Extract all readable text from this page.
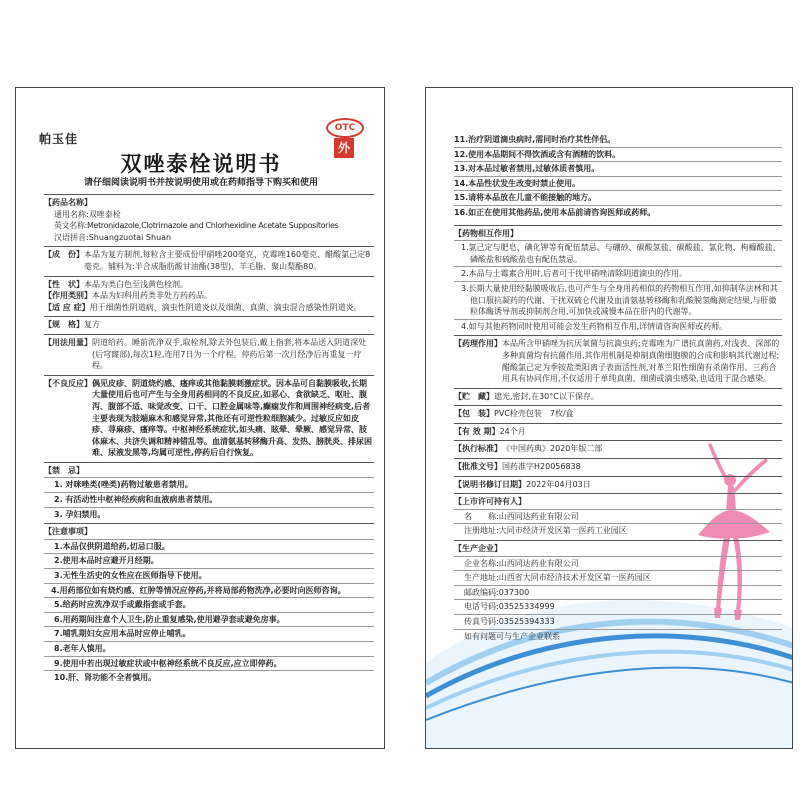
帕玉佳
OTC
外
双唑泰栓说明书
请仔细阅读说明书并按说明使用或在药师指导下购买和使用
【药品名称】
通用名称:双唑泰栓
英文名称:Metronidazole,Clotrimazole and Chlorhexidine Acetate Suppositories
汉语拼音:Shuangzuotai Shuan
【成　份】 本品为复方制剂,每粒含主要成份甲硝唑200毫克、克霉唑160毫克、醋酸氯己定8毫克。辅料为:半合成脂肪酸甘油酯(38型)、羊毛脂、聚山梨酯80。
【性　状】 本品为类白色至浅黄色栓剂。
【作用类别】 本品为妇科用药类非处方药药品。
【适 应 症】 用于细菌性阴道病、滴虫性阴道炎以及细菌、真菌、滴虫混合感染性阴道炎。
【规　格】 复方
【用法用量】 阴道给药。睡前洗净双手,取栓剂,除去外包装后,戴上指套,将本品送入阴道深处(后穹窿部),每次1粒,连用7日为一个疗程。停药后第一次月经净后再重复一疗程。
【不良反应】 偶见皮疹、阴道烧灼感、瘙痒或其他黏膜刺激症状。因本品可自黏膜吸收,长期大量使用后也可产生与全身用药相同的不良反应,如恶心、食欲缺乏、呕吐、腹泻、腹部不适、味觉改变、口干、口腔金属味等,癫痫发作和周围神经病变,后者主要表现为肢端麻木和感觉异常,其他还有可逆性粒细胞减少。过敏反应如皮疹、荨麻疹、瘙痒等。中枢神经系统症状,如头痛、眩晕、晕厥、感觉异常、肢体麻木、共济失调和精神错乱等。血清氨基转移酶升高、发热、膀胱炎、排尿困难、尿液发黑等,均属可逆性,停药后自行恢复。
【禁　忌】
1. 对咪唑类(唑类)药物过敏患者禁用。
2. 有活动性中枢神经疾病和血液病患者禁用。
3. 孕妇禁用。
【注意事项】
1.本品仅供阴道给药,切忌口服。
2.使用本品时应避开月经期。
3.无性生活史的女性应在医师指导下使用。
4.用药部位如有烧灼感、红肿等情况应停药,并将局部药物洗净,必要时向医师咨询。
5.给药时应洗净双手或戴指套或手套。
6.用药期间注意个人卫生,防止重复感染,使用避孕套或避免房事。
7.哺乳期妇女应用本品时应停止哺乳。
8.老年人慎用。
9.使用中若出现过敏症状或中枢神经系统不良反应,应立即停药。
10.肝、肾功能不全者慎用。
11.治疗阴道滴虫病时,需同时治疗其性伴侣。
12.使用本品期间不得饮酒或含有酒精的饮料。
13.对本品过敏者禁用,过敏体质者慎用。
14.本品性状发生改变时禁止使用。
15.请将本品放在儿童不能接触的地方。
16.如正在使用其他药品,使用本品前请咨询医师或药师。
【药物相互作用】
1.氯己定与肥皂、碘化钾等有配伍禁忌。与硼砂、碳酸氢盐、碳酸盐、氯化物、枸橼酸盐、磷酸盐和硫酸盐也有配伍禁忌。
2.本品与土霉素合用时,后者可干扰甲硝唑清除阴道滴虫的作用。
3.长期大量使用经黏膜吸收后,也可产生与全身用药相似的药物相互作用,如抑制华法林和其他口服抗凝药的代谢、干扰双硫仑代谢及血清氨基转移酶和乳酸脱氢酶测定结果,与肝微粒体酶诱导剂或抑制剂合用,可加快或减慢本品在肝内的代谢等。
4.如与其他药物同时使用可能会发生药物相互作用,详情请咨询医师或药师。
【药理作用】 本品所含甲硝唑为抗厌氧菌与抗滴虫药;克霉唑为广谱抗真菌药,对浅表、深部的多种真菌均有抗菌作用,其作用机制是抑制真菌细胞膜的合成和影响其代谢过程;醋酸氯己定为季铵盐类阳离子表面活性剂,对革兰阳性细菌有杀菌作用。三药合用具有协同作用,不仅适用于单纯真菌、细菌或滴虫感染,也适用于混合感染。
【贮　藏】 遮光,密封,在30°C以下保存。
【包　装】 PVC栓壳包装　7枚/盒
【有 效 期】 24个月
【执行标准】 《中国药典》2020年版二部
【批准文号】 国药准字H20056838
【说明书修订日期】 2022年04月03日
【上市许可持有人】
名　　称:山西同达药业有限公司
注册地址:大同市经济开发区第一医药工业园区
【生产企业】
企业名称:山西同达药业有限公司
生产地址:山西省大同市经济技术开发区第一医药园区
邮政编码:037300
电话号码:03525334999
传真号码:03525394333
如有问题可与生产企业联系
